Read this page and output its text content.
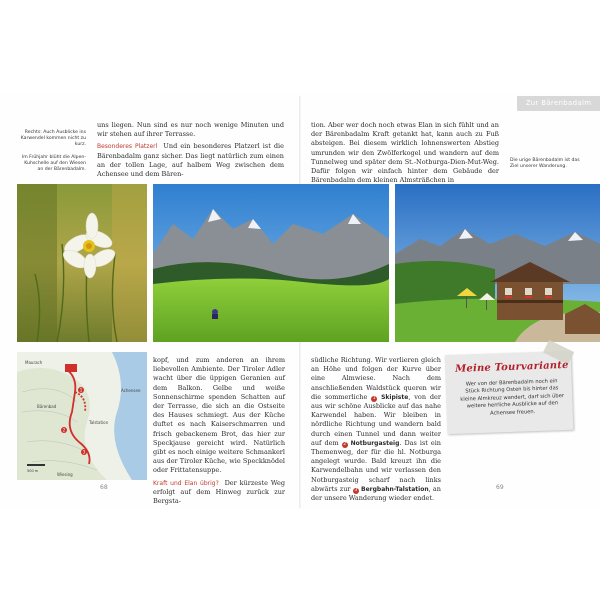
Zur Bärenbadalm
Rechts: Auch Ausblicke ins Karwendel kommen nicht zu kurz.
Im Frühjahr blüht die Alpen-Kuhschelle auf den Wiesen an der Bärenbadalm.

uns liegen. Nun sind es nur noch wenige Minuten und wir stehen auf ihrer Terrasse.

Besonderes Platzerl Und ein besonderes Platzerl ist die Bärenbadalm ganz sicher. Das liegt natürlich zum einen an der tollen Lage, auf halbem Weg zwischen dem Achensee und dem Bären-

Maurach
Talstation
Bärenbad
Wiesing
Achensee
1
2
3
500 m

kopf, und zum anderen an ihrem liebevollen Ambiente. Der Tiroler Adler wacht über die üppigen Geranien auf dem Balkon. Gelbe und weiße Sonnenschirme spenden Schatten auf der Terrasse, die sich an die Ostseite des Hauses schmiegt. Aus der Küche duftet es nach Kaiserschmarren und frisch gebackenem Brot, das hier zur Speckjause gereicht wird. Natürlich gibt es noch einige weitere Schmankerl aus der Tiroler Küche, wie Speckknödel oder Frittatensuppe.

Kraft und Elan übrig? Der kürzeste Weg erfolgt auf dem Hinweg zurück zur Bergsta-

68

tion. Aber wer doch noch etwas Elan in sich fühlt und an der Bärenbadalm Kraft getankt hat, kann auch zu Fuß absteigen. Bei diesem wirklich lohnenswerten Abstieg umrunden wir den Zwölferkogel und wandern auf dem Tunnelweg und später dem St.-Notburga-Dien-Mut-Weg. Dafür folgen wir einfach hinter dem Gebäude der Bärenbadalm dem kleinen Almsträßchen in

Die urige Bärenbadalm ist das Ziel unserer Wanderung.

südliche Richtung. Wir verlieren gleich an Höhe und folgen der Kurve über eine Almwiese. Nach dem anschließenden Waldstück queren wir die sommerliche 1 Skipiste, von der aus wir schöne Ausblicke auf das nahe Karwendel haben. Wir bleiben in nördliche Richtung und wandern bald durch einen Tunnel und dann weiter auf dem 2 Notburgasteig. Das ist ein Themenweg, der für die hl. Notburga angelegt wurde. Bald kreuzt ihn die Karwendelbahn und wir verlassen den Notburgasteig scharf nach links abwärts zur 3 Bergbahn-Talstation, an der unsere Wanderung wieder endet.

Meine Tourvariante
Wer von der Bärenbadalm noch ein Stück Richtung Osten bis hinter das kleine Almkreuz wandert, darf sich über weitere herrliche Ausblicke auf den Achensee freuen.
69
